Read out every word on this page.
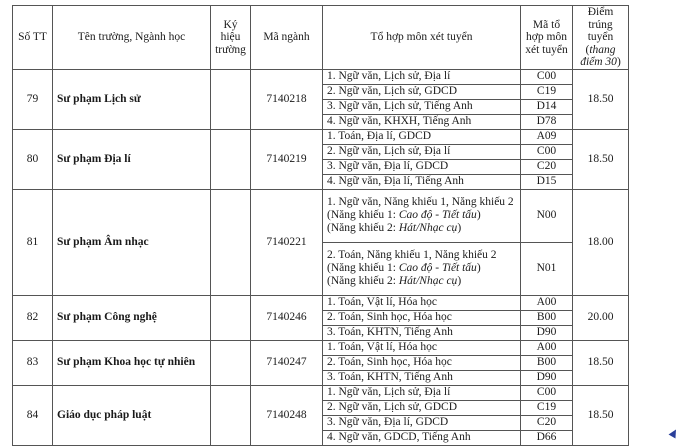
Số TT	Tên trường, Ngành học	Ký
hiệu
trường	Mã ngành	Tổ hợp môn xét tuyển	Mã tổ
hợp môn
xét tuyển	Điểm trúng
tuyển (thang
điểm 30)
79	Sư phạm Lịch sử		7140218	1. Ngữ văn, Lịch sử, Địa lí	C00	18.50
				2. Ngữ văn, Lịch sử, GDCD	C19	
				3. Ngữ văn, Lịch sử, Tiếng Anh	D14	
				4. Ngữ văn, KHXH, Tiếng Anh	D78	
80	Sư phạm Địa lí		7140219	1. Toán, Địa lí, GDCD	A09	18.50
				2. Ngữ văn, Lịch sử, Địa lí	C00	
				3. Ngữ văn, Địa lí, GDCD	C20	
				4. Ngữ văn, Địa lí, Tiếng Anh	D15	
81	Sư phạm Âm nhạc		7140221	1. Ngữ văn, Năng khiếu 1, Năng khiếu 2
(Năng khiếu 1: Cao độ - Tiết tấu)
(Năng khiếu 2: Hát/Nhạc cụ)	N00	18.00
				2. Toán, Năng khiếu 1, Năng khiếu 2
(Năng khiếu 1: Cao độ - Tiết tấu)
(Năng khiếu 2: Hát/Nhạc cụ)	N01	
82	Sư phạm Công nghệ		7140246	1. Toán, Vật lí, Hóa học	A00	20.00
				2. Toán, Sinh học, Hóa học	B00	
				3. Toán, KHTN, Tiếng Anh	D90	
83	Sư phạm Khoa học tự nhiên		7140247	1. Toán, Vật lí, Hóa học	A00	18.50
				2. Toán, Sinh học, Hóa học	B00	
				3. Toán, KHTN, Tiếng Anh	D90	
84	Giáo dục pháp luật		7140248	1. Ngữ văn, Lịch sử, Địa lí	C00	18.50
				2. Ngữ văn, Lịch sử, GDCD	C19	
				3. Ngữ văn, Địa lí, GDCD	C20	
				4. Ngữ văn, GDCD, Tiếng Anh	D66	
